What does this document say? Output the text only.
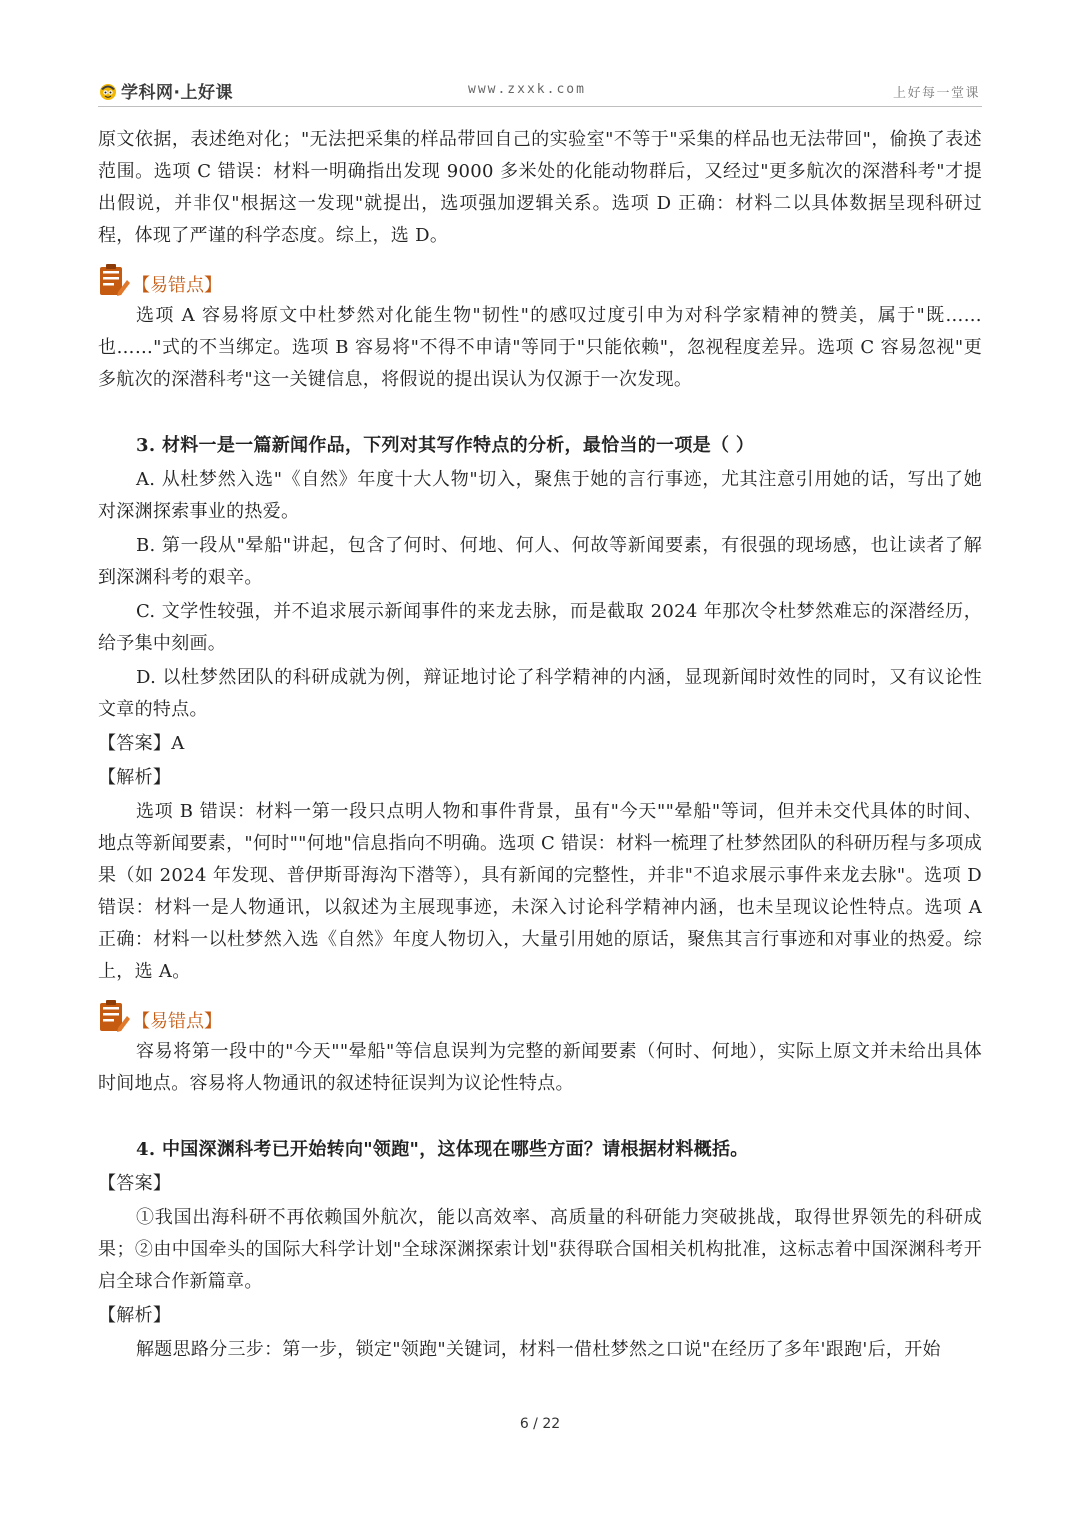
学科网·上好课	www.zxxk.com	上好每一堂课

原文依据，表述绝对化；"无法把采集的样品带回自己的实验室"不等于"采集的样品也无法带回"，偷换了表述范围。选项 C 错误：材料一明确指出发现 9000 多米处的化能动物群后，又经过"更多航次的深潜科考"才提出假说，并非仅"根据这一发现"就提出，选项强加逻辑关系。选项 D 正确：材料二以具体数据呈现科研过程，体现了严谨的科学态度。综上，选 D。

【易错点】

选项 A 容易将原文中杜梦然对化能生物"韧性"的感叹过度引申为对科学家精神的赞美，属于"既……也……"式的不当绑定。选项 B 容易将"不得不申请"等同于"只能依赖"，忽视程度差异。选项 C 容易忽视"更多航次的深潜科考"这一关键信息，将假说的提出误认为仅源于一次发现。

3. 材料一是一篇新闻作品，下列对其写作特点的分析，最恰当的一项是（ ）

A. 从杜梦然入选"《自然》年度十大人物"切入，聚焦于她的言行事迹，尤其注意引用她的话，写出了她对深渊探索事业的热爱。

B. 第一段从"晕船"讲起，包含了何时、何地、何人、何故等新闻要素，有很强的现场感，也让读者了解到深渊科考的艰辛。

C. 文学性较强，并不追求展示新闻事件的来龙去脉，而是截取 2024 年那次令杜梦然难忘的深潜经历，给予集中刻画。

D. 以杜梦然团队的科研成就为例，辩证地讨论了科学精神的内涵，显现新闻时效性的同时，又有议论性文章的特点。

【答案】A

【解析】

选项 B 错误：材料一第一段只点明人物和事件背景，虽有"今天""晕船"等词，但并未交代具体的时间、地点等新闻要素，"何时""何地"信息指向不明确。选项 C 错误：材料一梳理了杜梦然团队的科研历程与多项成果（如 2024 年发现、普伊斯哥海沟下潜等），具有新闻的完整性，并非"不追求展示事件来龙去脉"。选项 D 错误：材料一是人物通讯，以叙述为主展现事迹，未深入讨论科学精神内涵，也未呈现议论性特点。选项 A 正确：材料一以杜梦然入选《自然》年度人物切入，大量引用她的原话，聚焦其言行事迹和对事业的热爱。综上，选 A。

【易错点】

容易将第一段中的"今天""晕船"等信息误判为完整的新闻要素（何时、何地），实际上原文并未给出具体时间地点。容易将人物通讯的叙述特征误判为议论性特点。

4. 中国深渊科考已开始转向"领跑"，这体现在哪些方面？请根据材料概括。

【答案】

①我国出海科研不再依赖国外航次，能以高效率、高质量的科研能力突破挑战，取得世界领先的科研成果；②由中国牵头的国际大科学计划"全球深渊探索计划"获得联合国相关机构批准，这标志着中国深渊科考开启全球合作新篇章。

【解析】

解题思路分三步：第一步，锁定"领跑"关键词，材料一借杜梦然之口说"在经历了多年'跟跑'后，开始

6 / 22
